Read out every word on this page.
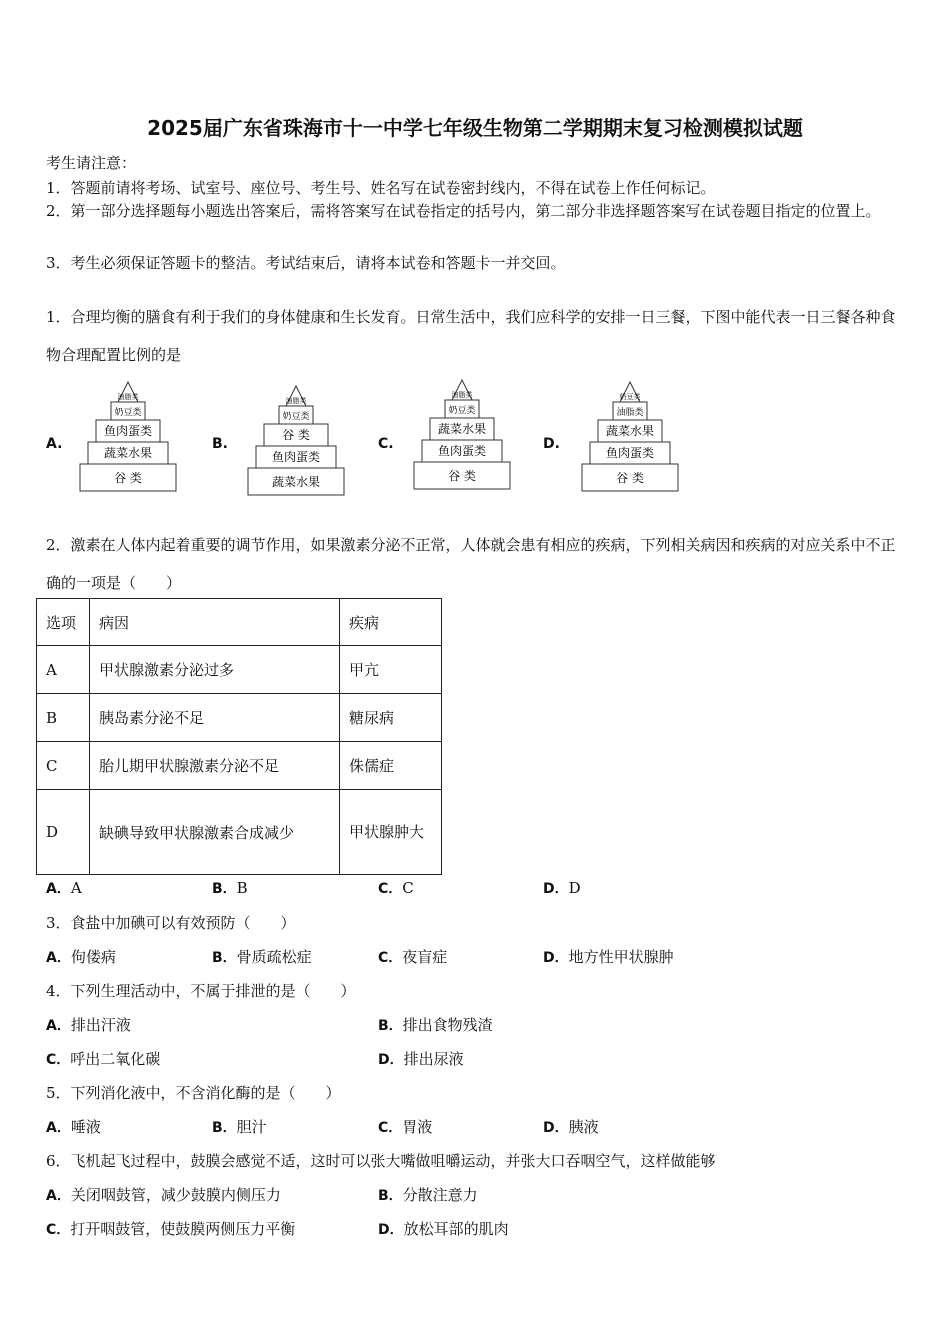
2025届广东省珠海市十一中学七年级生物第二学期期末复习检测模拟试题
考生请注意：
1．答题前请将考场、试室号、座位号、考生号、姓名写在试卷密封线内，不得在试卷上作任何标记。
2．第一部分选择题每小题选出答案后，需将答案写在试卷指定的括号内，第二部分非选择题答案写在试卷题目指定的位置上。
3．考生必须保证答题卡的整洁。考试结束后，请将本试卷和答题卡一并交回。
1．合理均衡的膳食有利于我们的身体健康和生长发育。日常生活中，我们应科学的安排一日三餐，下图中能代表一日三餐各种食物合理配置比例的是
A.
油脂类
奶豆类
鱼肉蛋类
蔬菜水果
谷 类
B.
油脂类
奶豆类
谷 类
鱼肉蛋类
蔬菜水果
C.
油脂类
奶豆类
蔬菜水果
鱼肉蛋类
谷 类
D.
奶豆类
油脂类
蔬菜水果
鱼肉蛋类
谷 类
2．激素在人体内起着重要的调节作用，如果激素分泌不正常，人体就会患有相应的疾病，下列相关病因和疾病的对应关系中不正确的一项是（　　）
选项	病因	疾病
A	甲状腺激素分泌过多	甲亢
B	胰岛素分泌不足	糖尿病
C	胎儿期甲状腺激素分泌不足	侏儒症
D	缺碘导致甲状腺激素合成减少	甲状腺肿大
A．A	B．B	C．C	D．D
3．食盐中加碘可以有效预防（　　）
A．佝偻病	B．骨质疏松症	C．夜盲症	D．地方性甲状腺肿
4．下列生理活动中，不属于排泄的是（　　）
A．排出汗液	B．排出食物残渣
C．呼出二氧化碳	D．排出尿液
5．下列消化液中，不含消化酶的是（　　）
A．唾液	B．胆汁	C．胃液	D．胰液
6．飞机起飞过程中，鼓膜会感觉不适，这时可以张大嘴做咀嚼运动，并张大口吞咽空气，这样做能够
A．关闭咽鼓管，减少鼓膜内侧压力	B．分散注意力
C．打开咽鼓管，使鼓膜两侧压力平衡	D．放松耳部的肌肉
